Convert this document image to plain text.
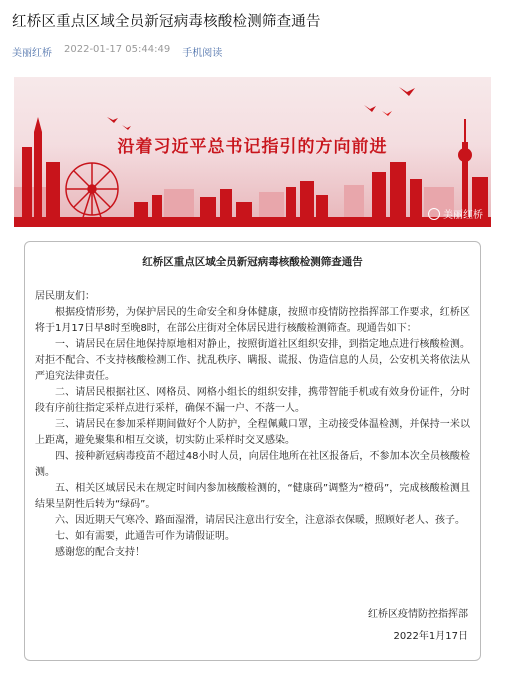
红桥区重点区域全员新冠病毒核酸检测筛查通告
美丽红桥 2022-01-17 05:44:49 手机阅读
沿着习近平总书记指引的方向前进
美丽红桥
红桥区重点区域全员新冠病毒核酸检测筛查通告
居民朋友们：

根据疫情形势，为保护居民的生命安全和身体健康，按照市疫情防控指挥部工作要求，红桥区将于1月17日早8时至晚8时，在部公庄街对全体居民进行核酸检测筛查。现通告如下：

一、请居民在居住地保持原地相对静止，按照街道社区组织安排，到指定地点进行核酸检测。对拒不配合、不支持核酸检测工作、扰乱秩序、瞒报、谎报、伪造信息的人员，公安机关将依法从严追究法律责任。

二、请居民根据社区、网格员、网格小组长的组织安排，携带智能手机或有效身份证件，分时段有序前往指定采样点进行采样，确保不漏一户、不落一人。

三、请居民在参加采样期间做好个人防护，全程佩戴口罩，主动接受体温检测，并保持一米以上距离，避免聚集和相互交谈，切实防止采样时交叉感染。

四、接种新冠病毒疫苗不超过48小时人员，向居住地所在社区报备后，不参加本次全员核酸检测。

五、相关区域居民未在规定时间内参加核酸检测的，“健康码”调整为“橙码”，完成核酸检测且结果呈阴性后转为“绿码”。

六、因近期天气寒冷、路面湿滑，请居民注意出行安全，注意添衣保暖，照顾好老人、孩子。

七、如有需要，此通告可作为请假证明。

感谢您的配合支持！

红桥区疫情防控指挥部
2022年1月17日
